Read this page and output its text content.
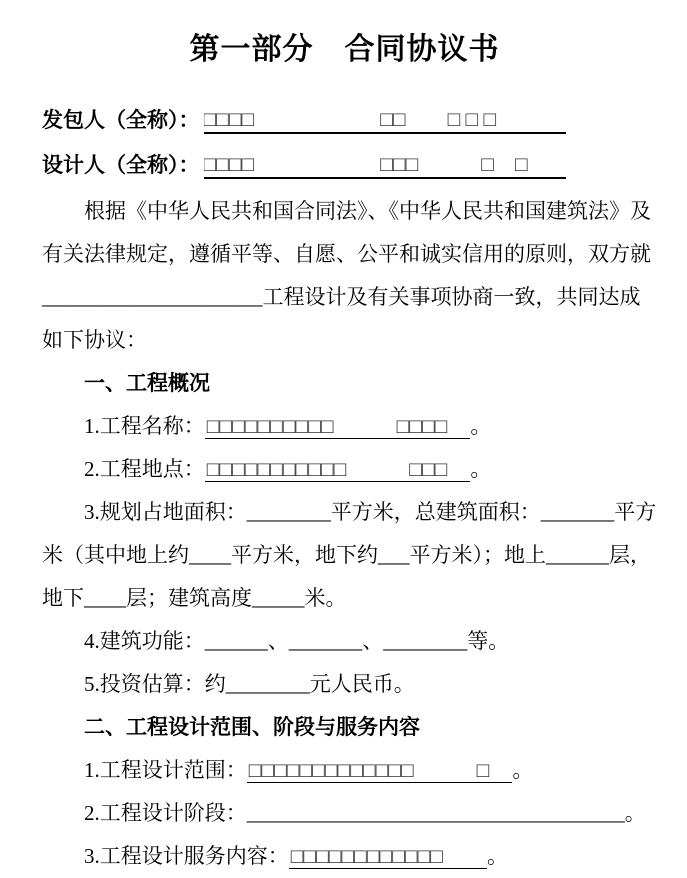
第一部分　合同协议书
发包人（全称）： □□□□　　　　　　□□　　□ □ □
设计人（全称）： □□□□　　　　　　□□□　　　□　□

根据《中华人民共和国合同法》、《中华人民共和国建筑法》及

有关法律规定，遵循平等、自愿、公平和诚实信用的原则，双方就

_____________________工程设计及有关事项协商一致，共同达成

如下协议：

一、工程概况

1.工程名称：□□□□□□□□□□　　　□□□□　。

2.工程地点：□□□□□□□□□□□　　　□□□　。

3.规划占地面积：________平方米，总建筑面积：_______平方

米（其中地上约____平方米，地下约___平方米）；地上______层，

地下____层；建筑高度_____米。

4.建筑功能：______、_______、________等。

5.投资估算：约________元人民币。

二、工程设计范围、阶段与服务内容

1.工程设计范围：□□□□□□□□□□□□□　　　□　。

2.工程设计阶段：____________________________________。

3.工程设计服务内容：□□□□□□□□□□□□　　。
